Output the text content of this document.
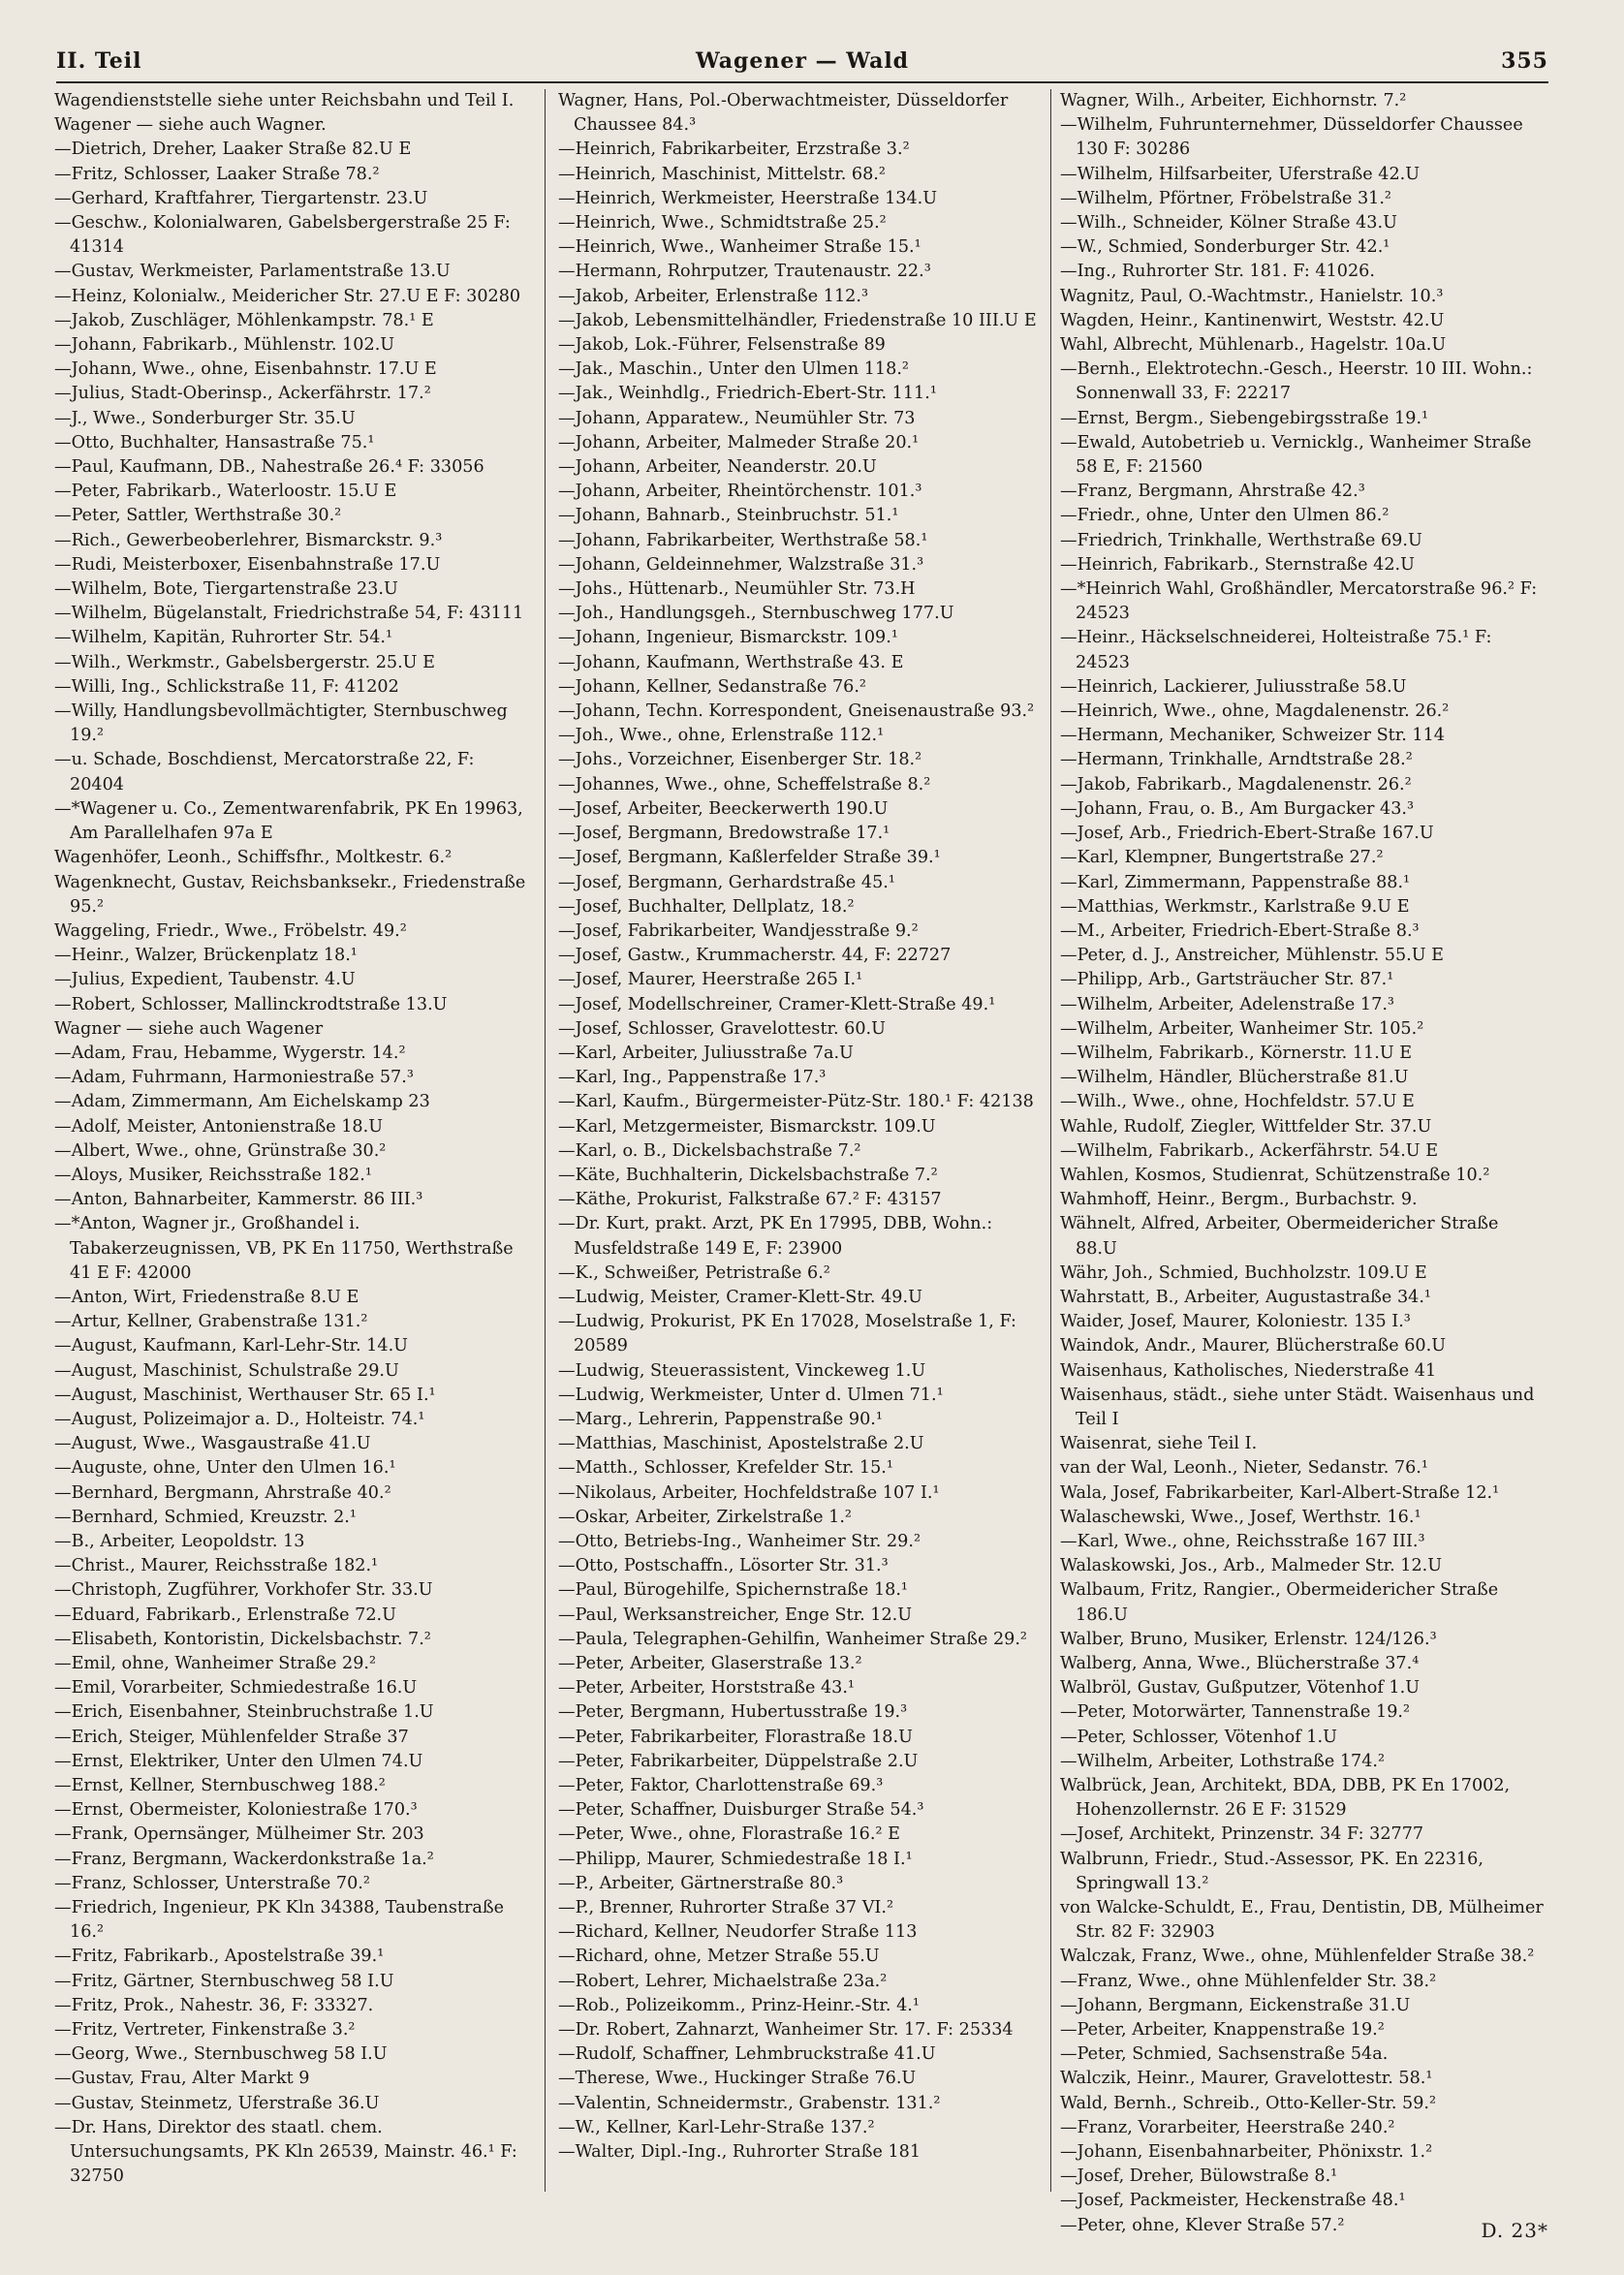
II. Teil	Wagener — Wald	355
Wagendienststelle siehe unter Reichsbahn und Teil I.
Wagener — siehe auch Wagner.
—Dietrich, Dreher, Laaker Straße 82.U E
—Fritz, Schlosser, Laaker Straße 78.²
—Gerhard, Kraftfahrer, Tiergartenstr. 23.U
—Geschw., Kolonialwaren, Gabelsbergerstraße 25 F: 41314
—Gustav, Werkmeister, Parlamentstraße 13.U
—Heinz, Kolonialw., Meidericher Str. 27.U E F: 30280
—Jakob, Zuschläger, Möhlenkampstr. 78.¹ E
—Johann, Fabrikarb., Mühlenstr. 102.U
—Johann, Wwe., ohne, Eisenbahnstr. 17.U E
—Julius, Stadt-Oberinsp., Ackerfährstr. 17.²
—J., Wwe., Sonderburger Str. 35.U
—Otto, Buchhalter, Hansastraße 75.¹
—Paul, Kaufmann, DB., Nahestraße 26.⁴ F: 33056
—Peter, Fabrikarb., Waterloostr. 15.U E
—Peter, Sattler, Werthstraße 30.²
—Rich., Gewerbeoberlehrer, Bismarckstr. 9.³
—Rudi, Meisterboxer, Eisenbahnstraße 17.U
—Wilhelm, Bote, Tiergartenstraße 23.U
—Wilhelm, Bügelanstalt, Friedrichstraße 54, F: 43111
—Wilhelm, Kapitän, Ruhrorter Str. 54.¹
—Wilh., Werkmstr., Gabelsbergerstr. 25.U E
—Willi, Ing., Schlickstraße 11, F: 41202
—Willy, Handlungsbevollmächtigter, Sternbuschweg 19.²
—u. Schade, Boschdienst, Mercatorstraße 22, F: 20404
—*Wagener u. Co., Zementwarenfabrik, PK En 19963, Am Parallelhafen 97a E
Wagenhöfer, Leonh., Schiffsfhr., Moltkestr. 6.²
Wagenknecht, Gustav, Reichsbanksekr., Friedenstraße 95.²
Waggeling, Friedr., Wwe., Fröbelstr. 49.²
—Heinr., Walzer, Brückenplatz 18.¹
—Julius, Expedient, Taubenstr. 4.U
—Robert, Schlosser, Mallinckrodtstraße 13.U
Wagner — siehe auch Wagener
—Adam, Frau, Hebamme, Wygerstr. 14.²
—Adam, Fuhrmann, Harmoniestraße 57.³
—Adam, Zimmermann, Am Eichelskamp 23
—Adolf, Meister, Antonienstraße 18.U
—Albert, Wwe., ohne, Grünstraße 30.²
—Aloys, Musiker, Reichsstraße 182.¹
—Anton, Bahnarbeiter, Kammerstr. 86 III.³
—*Anton, Wagner jr., Großhandel i. Tabakerzeugnissen, VB, PK En 11750, Werthstraße 41 E F: 42000
—Anton, Wirt, Friedenstraße 8.U E
—Artur, Kellner, Grabenstraße 131.²
—August, Kaufmann, Karl-Lehr-Str. 14.U
—August, Maschinist, Schulstraße 29.U
—August, Maschinist, Werthauser Str. 65 I.¹
—August, Polizeimajor a. D., Holteistr. 74.¹
—August, Wwe., Wasgaustraße 41.U
—Auguste, ohne, Unter den Ulmen 16.¹
—Bernhard, Bergmann, Ahrstraße 40.²
—Bernhard, Schmied, Kreuzstr. 2.¹
—B., Arbeiter, Leopoldstr. 13
—Christ., Maurer, Reichsstraße 182.¹
—Christoph, Zugführer, Vorkhofer Str. 33.U
—Eduard, Fabrikarb., Erlenstraße 72.U
—Elisabeth, Kontoristin, Dickelsbachstr. 7.²
—Emil, ohne, Wanheimer Straße 29.²
—Emil, Vorarbeiter, Schmiedestraße 16.U
—Erich, Eisenbahner, Steinbruchstraße 1.U
—Erich, Steiger, Mühlenfelder Straße 37
—Ernst, Elektriker, Unter den Ulmen 74.U
—Ernst, Kellner, Sternbuschweg 188.²
—Ernst, Obermeister, Koloniestraße 170.³
—Frank, Opernsänger, Mülheimer Str. 203
—Franz, Bergmann, Wackerdonkstraße 1a.²
—Franz, Schlosser, Unterstraße 70.²
—Friedrich, Ingenieur, PK Kln 34388, Taubenstraße 16.²
—Fritz, Fabrikarb., Apostelstraße 39.¹
—Fritz, Gärtner, Sternbuschweg 58 I.U
—Fritz, Prok., Nahestr. 36, F: 33327.
—Fritz, Vertreter, Finkenstraße 3.²
—Georg, Wwe., Sternbuschweg 58 I.U
—Gustav, Frau, Alter Markt 9
—Gustav, Steinmetz, Uferstraße 36.U
—Dr. Hans, Direktor des staatl. chem. Untersuchungsamts, PK Kln 26539, Mainstr. 46.¹ F: 32750
Wagner, Hans, Pol.-Oberwachtmeister, Düsseldorfer Chaussee 84.³
—Heinrich, Fabrikarbeiter, Erzstraße 3.²
—Heinrich, Maschinist, Mittelstr. 68.²
—Heinrich, Werkmeister, Heerstraße 134.U
—Heinrich, Wwe., Schmidtstraße 25.²
—Heinrich, Wwe., Wanheimer Straße 15.¹
—Hermann, Rohrputzer, Trautenaustr. 22.³
—Jakob, Arbeiter, Erlenstraße 112.³
—Jakob, Lebensmittelhändler, Friedenstraße 10 III.U E
—Jakob, Lok.-Führer, Felsenstraße 89
—Jak., Maschin., Unter den Ulmen 118.²
—Jak., Weinhdlg., Friedrich-Ebert-Str. 111.¹
—Johann, Apparatew., Neumühler Str. 73
—Johann, Arbeiter, Malmeder Straße 20.¹
—Johann, Arbeiter, Neanderstr. 20.U
—Johann, Arbeiter, Rheintörchenstr. 101.³
—Johann, Bahnarb., Steinbruchstr. 51.¹
—Johann, Fabrikarbeiter, Werthstraße 58.¹
—Johann, Geldeinnehmer, Walzstraße 31.³
—Johs., Hüttenarb., Neumühler Str. 73.H
—Joh., Handlungsgeh., Sternbuschweg 177.U
—Johann, Ingenieur, Bismarckstr. 109.¹
—Johann, Kaufmann, Werthstraße 43. E
—Johann, Kellner, Sedanstraße 76.²
—Johann, Techn. Korrespondent, Gneisenaustraße 93.²
—Joh., Wwe., ohne, Erlenstraße 112.¹
—Johs., Vorzeichner, Eisenberger Str. 18.²
—Johannes, Wwe., ohne, Scheffelstraße 8.²
—Josef, Arbeiter, Beeckerwerth 190.U
—Josef, Bergmann, Bredowstraße 17.¹
—Josef, Bergmann, Kaßlerfelder Straße 39.¹
—Josef, Bergmann, Gerhardstraße 45.¹
—Josef, Buchhalter, Dellplatz, 18.²
—Josef, Fabrikarbeiter, Wandjesstraße 9.²
—Josef, Gastw., Krummacherstr. 44, F: 22727
—Josef, Maurer, Heerstraße 265 I.¹
—Josef, Modellschreiner, Cramer-Klett-Straße 49.¹
—Josef, Schlosser, Gravelottestr. 60.U
—Karl, Arbeiter, Juliusstraße 7a.U
—Karl, Ing., Pappenstraße 17.³
—Karl, Kaufm., Bürgermeister-Pütz-Str. 180.¹ F: 42138
—Karl, Metzgermeister, Bismarckstr. 109.U
—Karl, o. B., Dickelsbachstraße 7.²
—Käte, Buchhalterin, Dickelsbachstraße 7.²
—Käthe, Prokurist, Falkstraße 67.² F: 43157
—Dr. Kurt, prakt. Arzt, PK En 17995, DBB, Wohn.: Musfeldstraße 149 E, F: 23900
—K., Schweißer, Petristraße 6.²
—Ludwig, Meister, Cramer-Klett-Str. 49.U
—Ludwig, Prokurist, PK En 17028, Moselstraße 1, F: 20589
—Ludwig, Steuerassistent, Vinckeweg 1.U
—Ludwig, Werkmeister, Unter d. Ulmen 71.¹
—Marg., Lehrerin, Pappenstraße 90.¹
—Matthias, Maschinist, Apostelstraße 2.U
—Matth., Schlosser, Krefelder Str. 15.¹
—Nikolaus, Arbeiter, Hochfeldstraße 107 I.¹
—Oskar, Arbeiter, Zirkelstraße 1.²
—Otto, Betriebs-Ing., Wanheimer Str. 29.²
—Otto, Postschaffn., Lösorter Str. 31.³
—Paul, Bürogehilfe, Spichernstraße 18.¹
—Paul, Werksanstreicher, Enge Str. 12.U
—Paula, Telegraphen-Gehilfin, Wanheimer Straße 29.²
—Peter, Arbeiter, Glaserstraße 13.²
—Peter, Arbeiter, Horststraße 43.¹
—Peter, Bergmann, Hubertusstraße 19.³
—Peter, Fabrikarbeiter, Florastraße 18.U
—Peter, Fabrikarbeiter, Düppelstraße 2.U
—Peter, Faktor, Charlottenstraße 69.³
—Peter, Schaffner, Duisburger Straße 54.³
—Peter, Wwe., ohne, Florastraße 16.² E
—Philipp, Maurer, Schmiedestraße 18 I.¹
—P., Arbeiter, Gärtnerstraße 80.³
—P., Brenner, Ruhrorter Straße 37 VI.²
—Richard, Kellner, Neudorfer Straße 113
—Richard, ohne, Metzer Straße 55.U
—Robert, Lehrer, Michaelstraße 23a.²
—Rob., Polizeikomm., Prinz-Heinr.-Str. 4.¹
—Dr. Robert, Zahnarzt, Wanheimer Str. 17. F: 25334
—Rudolf, Schaffner, Lehmbruckstraße 41.U
—Therese, Wwe., Huckinger Straße 76.U
—Valentin, Schneidermstr., Grabenstr. 131.²
—W., Kellner, Karl-Lehr-Straße 137.²
—Walter, Dipl.-Ing., Ruhrorter Straße 181
Wagner, Wilh., Arbeiter, Eichhornstr. 7.²
—Wilhelm, Fuhrunternehmer, Düsseldorfer Chaussee 130 F: 30286
—Wilhelm, Hilfsarbeiter, Uferstraße 42.U
—Wilhelm, Pförtner, Fröbelstraße 31.²
—Wilh., Schneider, Kölner Straße 43.U
—W., Schmied, Sonderburger Str. 42.¹
—Ing., Ruhrorter Str. 181. F: 41026.
Wagnitz, Paul, O.-Wachtmstr., Hanielstr. 10.³
Wagden, Heinr., Kantinenwirt, Weststr. 42.U
Wahl, Albrecht, Mühlenarb., Hagelstr. 10a.U
—Bernh., Elektrotechn.-Gesch., Heerstr. 10 III. Wohn.: Sonnenwall 33, F: 22217
—Ernst, Bergm., Siebengebirgsstraße 19.¹
—Ewald, Autobetrieb u. Vernicklg., Wanheimer Straße 58 E, F: 21560
—Franz, Bergmann, Ahrstraße 42.³
—Friedr., ohne, Unter den Ulmen 86.²
—Friedrich, Trinkhalle, Werthstraße 69.U
—Heinrich, Fabrikarb., Sternstraße 42.U
—*Heinrich Wahl, Großhändler, Mercatorstraße 96.² F: 24523
—Heinr., Häckselschneiderei, Holteistraße 75.¹ F: 24523
—Heinrich, Lackierer, Juliusstraße 58.U
—Heinrich, Wwe., ohne, Magdalenenstr. 26.²
—Hermann, Mechaniker, Schweizer Str. 114
—Hermann, Trinkhalle, Arndtstraße 28.²
—Jakob, Fabrikarb., Magdalenenstr. 26.²
—Johann, Frau, o. B., Am Burgacker 43.³
—Josef, Arb., Friedrich-Ebert-Straße 167.U
—Karl, Klempner, Bungertstraße 27.²
—Karl, Zimmermann, Pappenstraße 88.¹
—Matthias, Werkmstr., Karlstraße 9.U E
—M., Arbeiter, Friedrich-Ebert-Straße 8.³
—Peter, d. J., Anstreicher, Mühlenstr. 55.U E
—Philipp, Arb., Gartsträucher Str. 87.¹
—Wilhelm, Arbeiter, Adelenstraße 17.³
—Wilhelm, Arbeiter, Wanheimer Str. 105.²
—Wilhelm, Fabrikarb., Körnerstr. 11.U E
—Wilhelm, Händler, Blücherstraße 81.U
—Wilh., Wwe., ohne, Hochfeldstr. 57.U E
Wahle, Rudolf, Ziegler, Wittfelder Str. 37.U
—Wilhelm, Fabrikarb., Ackerfährstr. 54.U E
Wahlen, Kosmos, Studienrat, Schützenstraße 10.²
Wahmhoff, Heinr., Bergm., Burbachstr. 9.
Wähnelt, Alfred, Arbeiter, Obermeidericher Straße 88.U
Währ, Joh., Schmied, Buchholzstr. 109.U E
Wahrstatt, B., Arbeiter, Augustastraße 34.¹
Waider, Josef, Maurer, Koloniestr. 135 I.³
Waindok, Andr., Maurer, Blücherstraße 60.U
Waisenhaus, Katholisches, Niederstraße 41
Waisenhaus, städt., siehe unter Städt. Waisenhaus und Teil I
Waisenrat, siehe Teil I.
van der Wal, Leonh., Nieter, Sedanstr. 76.¹
Wala, Josef, Fabrikarbeiter, Karl-Albert-Straße 12.¹
Walaschewski, Wwe., Josef, Werthstr. 16.¹
—Karl, Wwe., ohne, Reichsstraße 167 III.³
Walaskowski, Jos., Arb., Malmeder Str. 12.U
Walbaum, Fritz, Rangier., Obermeidericher Straße 186.U
Walber, Bruno, Musiker, Erlenstr. 124/126.³
Walberg, Anna, Wwe., Blücherstraße 37.⁴
Walbröl, Gustav, Gußputzer, Vötenhof 1.U
—Peter, Motorwärter, Tannenstraße 19.²
—Peter, Schlosser, Vötenhof 1.U
—Wilhelm, Arbeiter, Lothstraße 174.²
Walbrück, Jean, Architekt, BDA, DBB, PK En 17002, Hohenzollernstr. 26 E F: 31529
—Josef, Architekt, Prinzenstr. 34 F: 32777
Walbrunn, Friedr., Stud.-Assessor, PK. En 22316, Springwall 13.²
von Walcke-Schuldt, E., Frau, Dentistin, DB, Mülheimer Str. 82 F: 32903
Walczak, Franz, Wwe., ohne, Mühlenfelder Straße 38.²
—Franz, Wwe., ohne Mühlenfelder Str. 38.²
—Johann, Bergmann, Eickenstraße 31.U
—Peter, Arbeiter, Knappenstraße 19.²
—Peter, Schmied, Sachsenstraße 54a.
Walczik, Heinr., Maurer, Gravelottestr. 58.¹
Wald, Bernh., Schreib., Otto-Keller-Str. 59.²
—Franz, Vorarbeiter, Heerstraße 240.²
—Johann, Eisenbahnarbeiter, Phönixstr. 1.²
—Josef, Dreher, Bülowstraße 8.¹
—Josef, Packmeister, Heckenstraße 48.¹
—Peter, ohne, Klever Straße 57.²	D. 23*
